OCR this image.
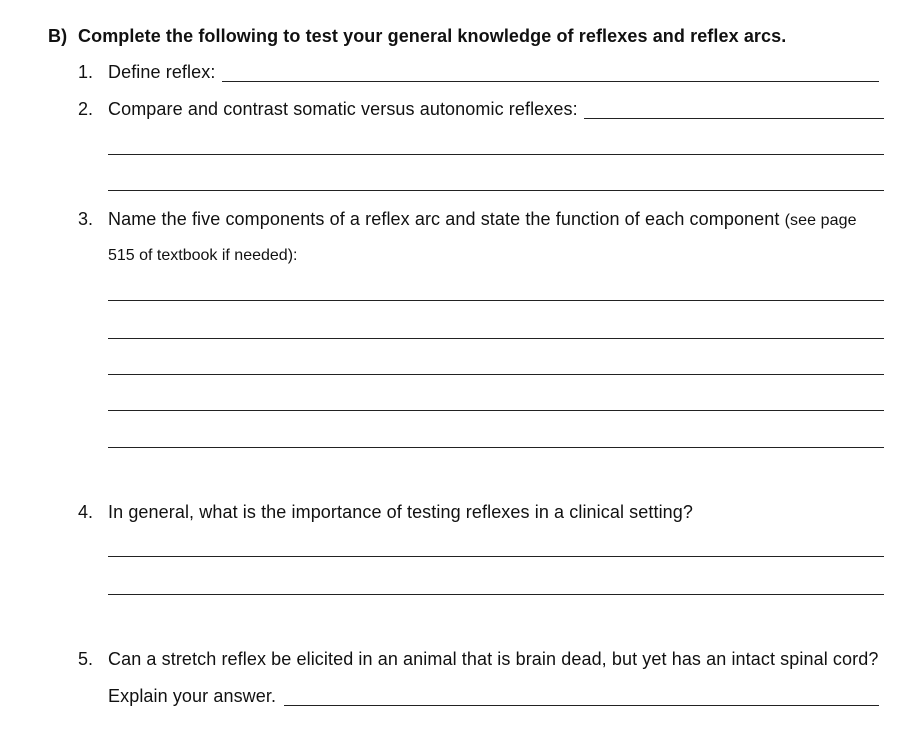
B) Complete the following to test your general knowledge of reflexes and reflex arcs.
1. Define reflex:
2. Compare and contrast somatic versus autonomic reflexes:
3. Name the five components of a reflex arc and state the function of each component (see page
515 of textbook if needed):
4. In general, what is the importance of testing reflexes in a clinical setting?
5. Can a stretch reflex be elicited in an animal that is brain dead, but yet has an intact spinal cord?
Explain your answer.
